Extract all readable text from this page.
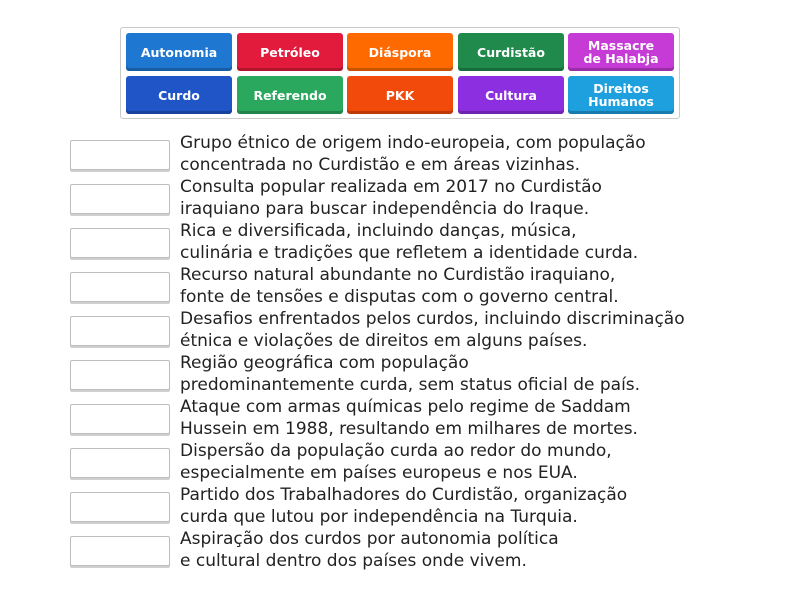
Autonomia	Petróleo	Diáspora	Curdistão	Massacre
de Halabja
Curdo	Referendo	PKK	Cultura	Direitos
Humanos
Grupo étnico de origem indo-europeia, com população
concentrada no Curdistão e em áreas vizinhas.
Consulta popular realizada em 2017 no Curdistão
iraquiano para buscar independência do Iraque.
Rica e diversificada, incluindo danças, música,
culinária e tradições que refletem a identidade curda.
Recurso natural abundante no Curdistão iraquiano,
fonte de tensões e disputas com o governo central.
Desafios enfrentados pelos curdos, incluindo discriminação
étnica e violações de direitos em alguns países.
Região geográfica com população
predominantemente curda, sem status oficial de país.
Ataque com armas químicas pelo regime de Saddam
Hussein em 1988, resultando em milhares de mortes.
Dispersão da população curda ao redor do mundo,
especialmente em países europeus e nos EUA.
Partido dos Trabalhadores do Curdistão, organização
curda que lutou por independência na Turquia.
Aspiração dos curdos por autonomia política
e cultural dentro dos países onde vivem.
